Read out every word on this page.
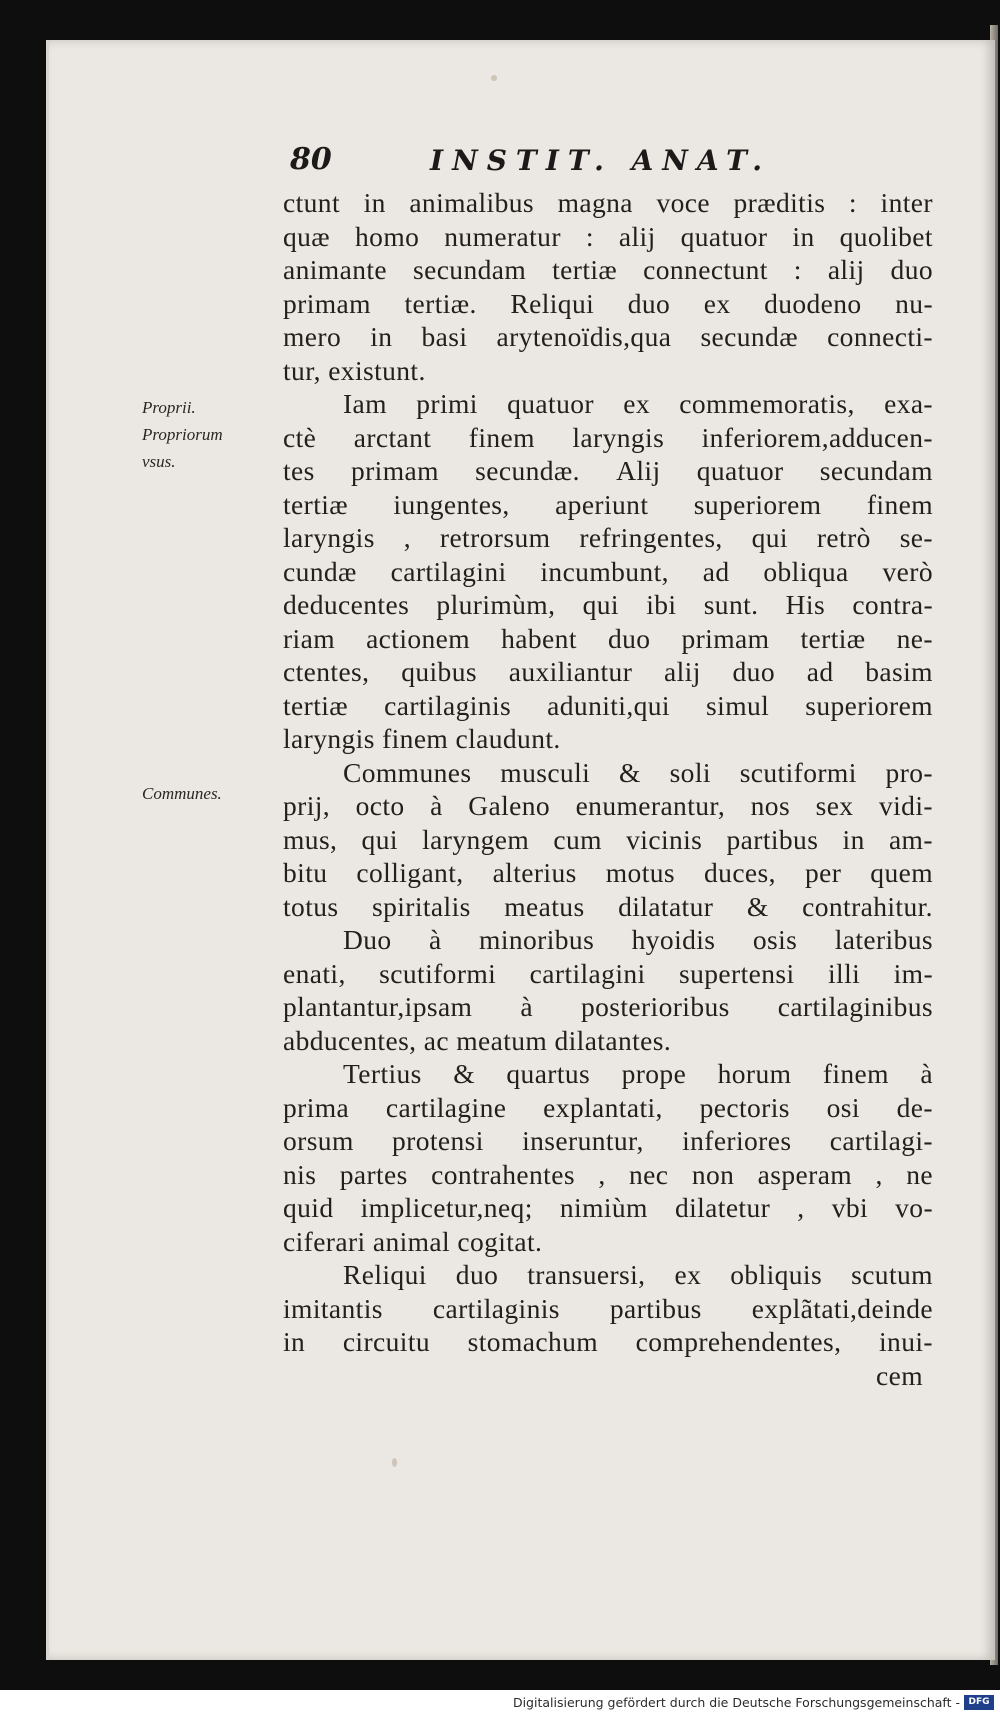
80	INSTIT. ANAT.
Proprii.
Propriorum
vsus.
Communes.
ctunt in animalibus magna voce prӕditis : inter
quӕ homo numeratur : alij quatuor in quolibet
animante secundam tertiӕ connectunt : alij duo
primam tertiӕ. Reliqui duo ex duodeno nu-
mero in basi arytenoïdis,qua secundӕ connecti-
tur, existunt.
Iam primi quatuor ex commemoratis, exa-
ctè arctant finem laryngis inferiorem,adducen-
tes primam secundӕ. Alij quatuor secundam
tertiӕ iungentes, aperiunt superiorem finem
laryngis , retrorsum refringentes, qui retrò se-
cundӕ cartilagini incumbunt, ad obliqua verò
deducentes plurimùm, qui ibi sunt. His contra-
riam actionem habent duo primam tertiӕ ne-
ctentes, quibus auxiliantur alij duo ad basim
tertiӕ cartilaginis aduniti,qui simul superiorem
laryngis finem claudunt.
Communes musculi & soli scutiformi pro-
prij, octo à Galeno enumerantur, nos sex vidi-
mus, qui laryngem cum vicinis partibus in am-
bitu colligant, alterius motus duces, per quem
totus spiritalis meatus dilatatur & contrahitur.
Duo à minoribus hyoidis osis lateribus
enati, scutiformi cartilagini supertensi illi im-
plantantur,ipsam à posterioribus cartilaginibus
abducentes, ac meatum dilatantes.
Tertius & quartus prope horum finem à
prima cartilagine explantati, pectoris osi de-
orsum protensi inseruntur, inferiores cartilagi-
nis partes contrahentes , nec non asperam , ne
quid implicetur,neq; nimiùm dilatetur , vbi vo-
ciferari animal cogitat.
Reliqui duo transuersi, ex obliquis scutum
imitantis cartilaginis partibus explãtati,deinde
in circuitu stomachum comprehendentes, inui-
cem
Digitalisierung gefördert durch die Deutsche Forschungsgemeinschaft - DFG
